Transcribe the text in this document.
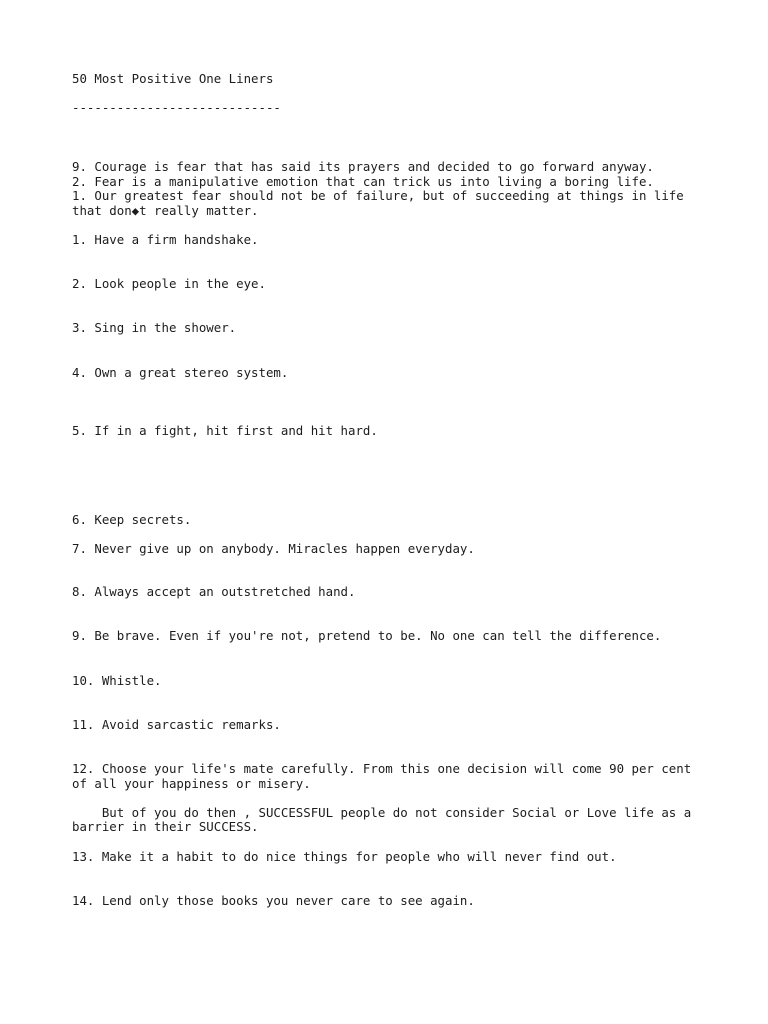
50 Most Positive One Liners

----------------------------

9. Courage is fear that has said its prayers and decided to go forward anyway.

2. Fear is a manipulative emotion that can trick us into living a boring life.

1. Our greatest fear should not be of failure, but of succeeding at things in life

that don◆t really matter.

1. Have a firm handshake.

2. Look people in the eye.

3. Sing in the shower.

4. Own a great stereo system.

5. If in a fight, hit first and hit hard.

6. Keep secrets.

7. Never give up on anybody. Miracles happen everyday.

8. Always accept an outstretched hand.

9. Be brave. Even if you're not, pretend to be. No one can tell the difference.

10. Whistle.

11. Avoid sarcastic remarks.

12. Choose your life's mate carefully. From this one decision will come 90 per cent

of all your happiness or misery.

But of you do then , SUCCESSFUL people do not consider Social or Love life as a

barrier in their SUCCESS.

13. Make it a habit to do nice things for people who will never find out.

14. Lend only those books you never care to see again.
